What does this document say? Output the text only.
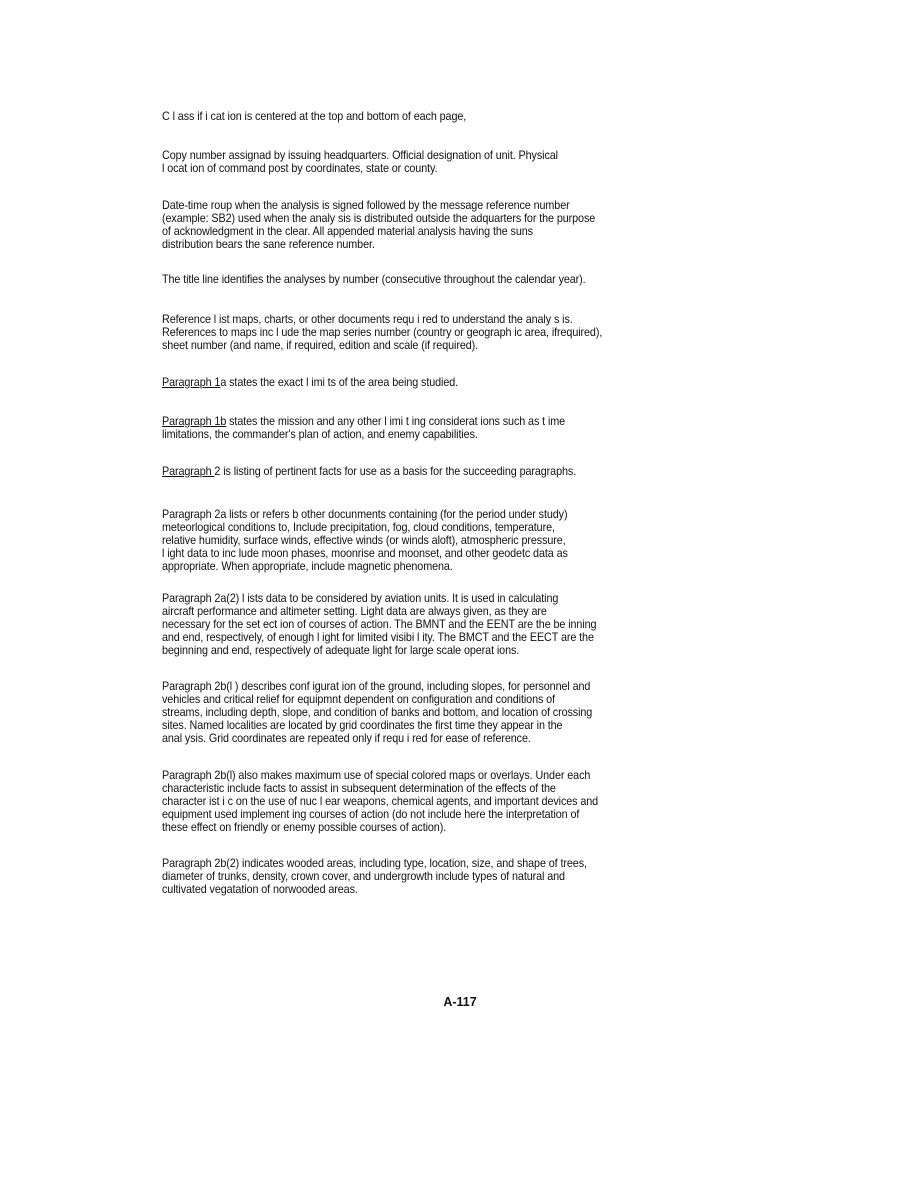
C l ass if i cat ion is centered at the top and bottom of each page,
Copy number assignad by issuing headquarters. Official designation of unit. Physical
l ocat ion of command post by coordinates, state or county.
Date-time roup when the analysis is signed followed by the message reference number
(example: SB2) used when the analy sis is distributed outside the adquarters for the purpose
of acknowledgment in the clear. All appended material analysis having the suns
distribution bears the sane reference number.
The title line identifies the analyses by number (consecutive throughout the calendar year).
Reference l ist maps, charts, or other documents requ i red to understand the analy s is.
References to maps inc l ude the map series number (country or geograph ic area, ifrequired),
sheet number (and name, if required, edition and scale (if required).
Paragraph 1a states the exact l imi ts of the area being studied.
Paragraph 1b states the mission and any other l imi t ing considerat ions such as t ime
limitations, the commander's plan of action, and enemy capabilities.
Paragraph 2 is listing of pertinent facts for use as a basis for the succeeding paragraphs.
Paragraph 2a lists or refers b other docunments containing (for the period under study)
meteorlogical conditions to, Include precipitation, fog, cloud conditions, temperature,
relative humidity, surface winds, effective winds (or winds aloft), atmospheric pressure,
l ight data to inc lude moon phases, moonrise and moonset, and other geodetc data as
appropriate. When appropriate, include magnetic phenomena.
Paragraph 2a(2) l ists data to be considered by aviation units. It is used in calculating
aircraft performance and altimeter setting. Light data are always given, as they are
necessary for the set ect ion of courses of action. The BMNT and the EENT are the be inning
and end, respectively, of enough l ight for limited visibi l ity. The BMCT and the EECT are the
beginning and end, respectively of adequate light for large scale operat ions.
Paragraph 2b(l ) describes conf igurat ion of the ground, including slopes, for personnel and
vehicles and critical relief for equipmnt dependent on configuration and conditions of
streams, including depth, slope, and condition of banks and bottom, and location of crossing
sites. Named localities are located by grid coordinates the first time they appear in the
anal ysis. Grid coordinates are repeated only if requ i red for ease of reference.
Paragraph 2b(l) also makes maximum use of special colored maps or overlays. Under each
characteristic include facts to assist in subsequent determination of the effects of the
character ist i c on the use of nuc l ear weapons, chemical agents, and important devices and
equipment used implement ing courses of action (do not include here the interpretation of
these effect on friendly or enemy possible courses of action).
Paragraph 2b(2) indicates wooded areas, including type, location, size, and shape of trees,
diameter of trunks, density, crown cover, and undergrowth include types of natural and
cultivated vegatation of norwooded areas.
A-117
